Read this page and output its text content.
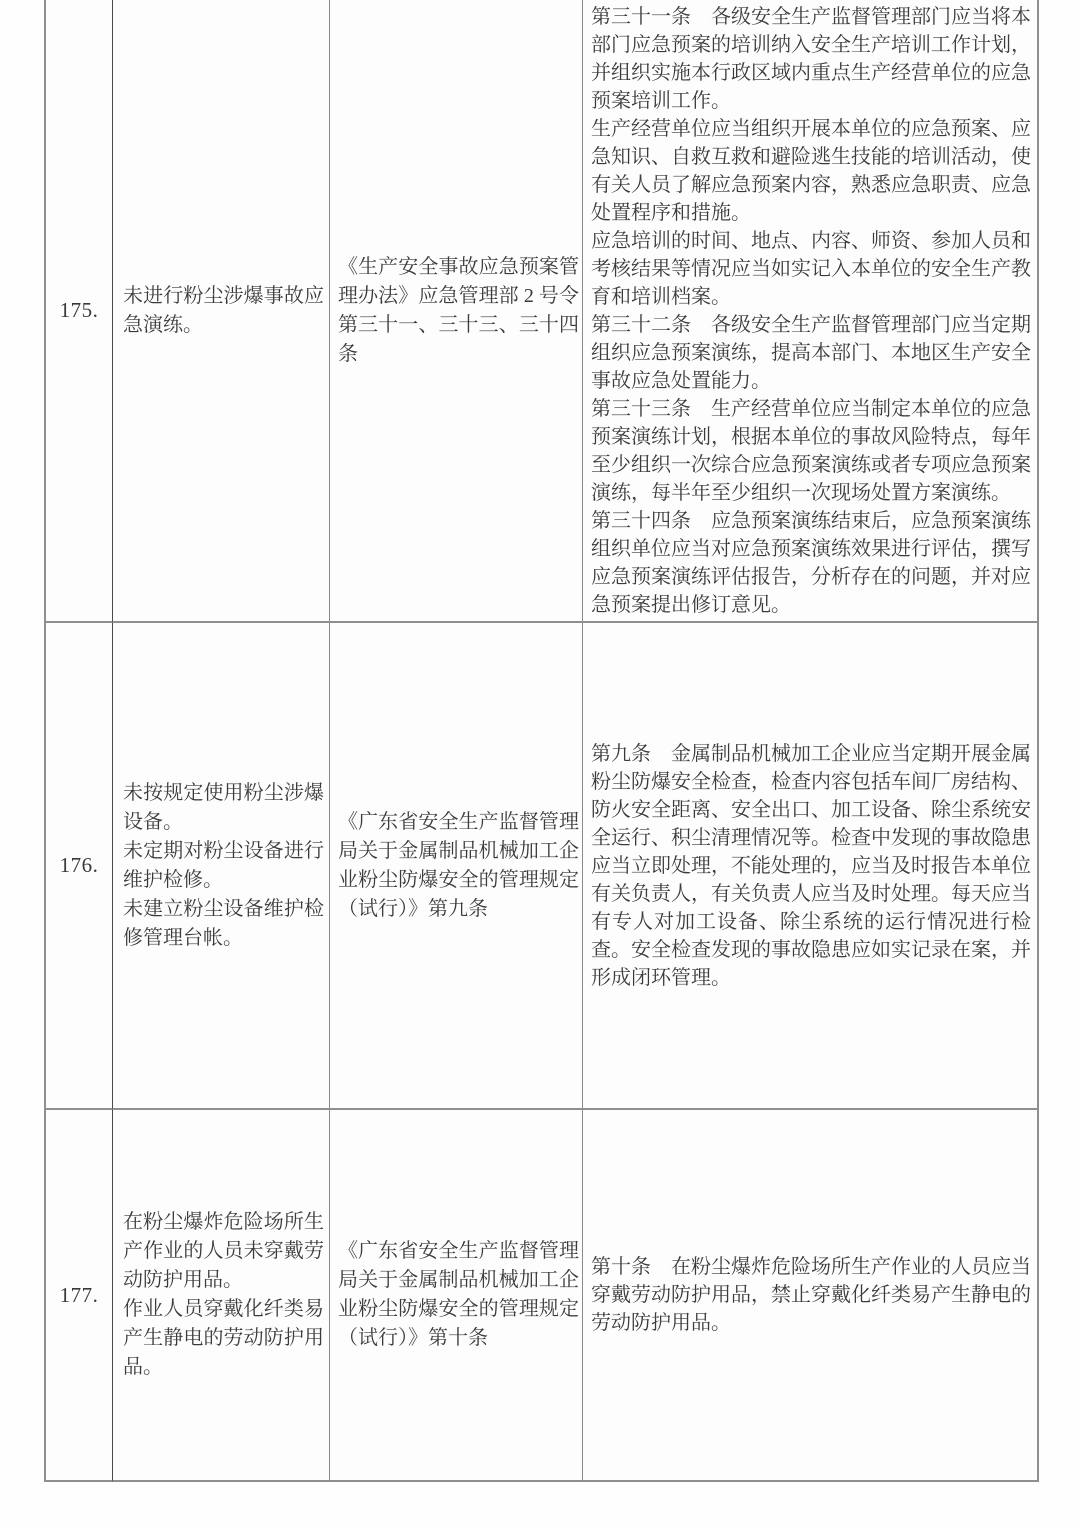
175.

未进行粉尘涉爆事故应急演练。

《生产安全事故应急预案管理办法》应急管理部 2 号令第三十一、三十三、三十四条

第三十一条　各级安全生产监督管理部门应当将本部门应急预案的培训纳入安全生产培训工作计划，并组织实施本行政区域内重点生产经营单位的应急预案培训工作。

生产经营单位应当组织开展本单位的应急预案、应急知识、自救互救和避险逃生技能的培训活动，使有关人员了解应急预案内容，熟悉应急职责、应急处置程序和措施。

应急培训的时间、地点、内容、师资、参加人员和考核结果等情况应当如实记入本单位的安全生产教育和培训档案。

第三十二条　各级安全生产监督管理部门应当定期组织应急预案演练，提高本部门、本地区生产安全事故应急处置能力。

第三十三条　生产经营单位应当制定本单位的应急预案演练计划，根据本单位的事故风险特点，每年至少组织一次综合应急预案演练或者专项应急预案演练，每半年至少组织一次现场处置方案演练。

第三十四条　应急预案演练结束后，应急预案演练组织单位应当对应急预案演练效果进行评估，撰写应急预案演练评估报告，分析存在的问题，并对应急预案提出修订意见。

176.

未按规定使用粉尘涉爆设备。

未定期对粉尘设备进行维护检修。

未建立粉尘设备维护检修管理台帐。

《广东省安全生产监督管理局关于金属制品机械加工企业粉尘防爆安全的管理规定（试行）》第九条

第九条　金属制品机械加工企业应当定期开展金属粉尘防爆安全检查，检查内容包括车间厂房结构、防火安全距离、安全出口、加工设备、除尘系统安全运行、积尘清理情况等。检查中发现的事故隐患应当立即处理，不能处理的，应当及时报告本单位有关负责人，有关负责人应当及时处理。每天应当有专人对加工设备、除尘系统的运行情况进行检查。安全检查发现的事故隐患应如实记录在案，并形成闭环管理。

177.

在粉尘爆炸危险场所生产作业的人员未穿戴劳动防护用品。

作业人员穿戴化纤类易产生静电的劳动防护用品。

《广东省安全生产监督管理局关于金属制品机械加工企业粉尘防爆安全的管理规定（试行）》第十条

第十条　在粉尘爆炸危险场所生产作业的人员应当穿戴劳动防护用品，禁止穿戴化纤类易产生静电的劳动防护用品。
